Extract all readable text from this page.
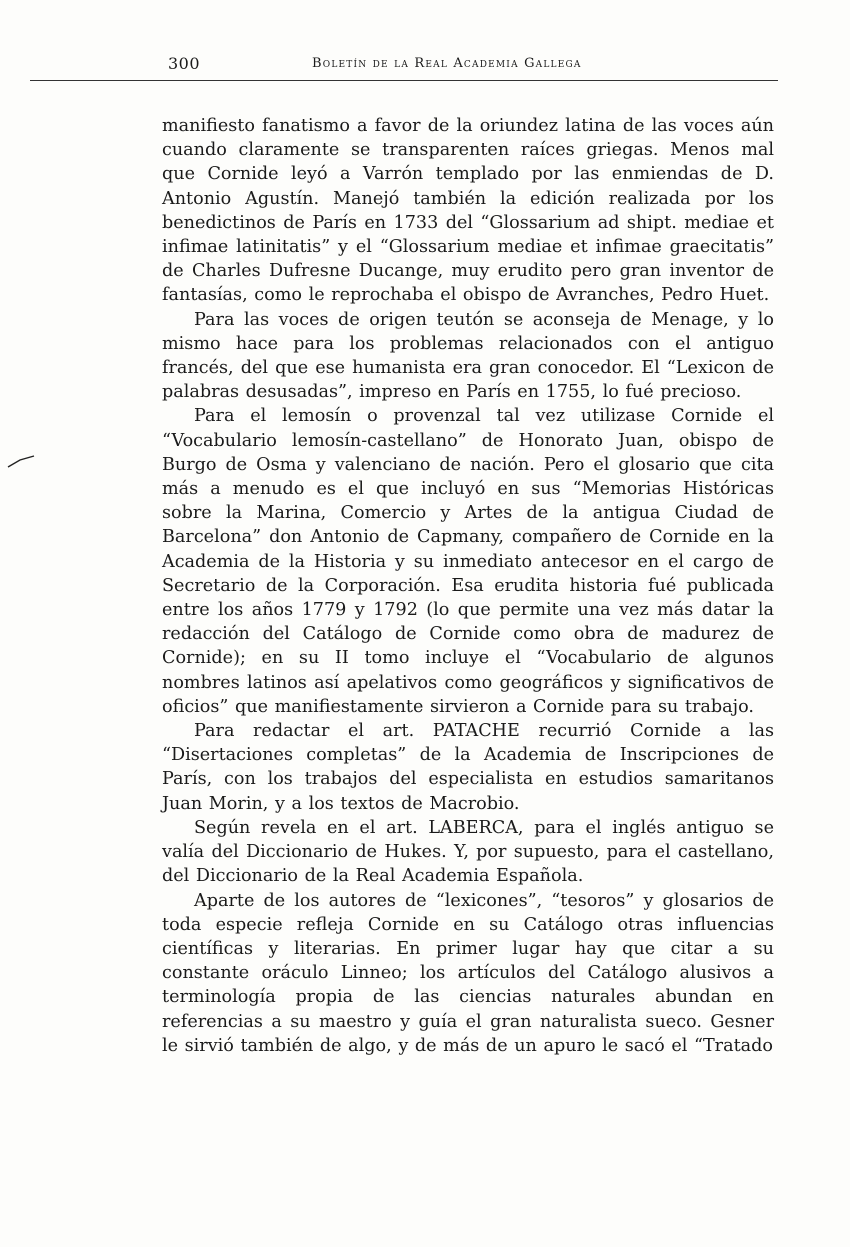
300	Boletín de la Real Academia Gallega

manifiesto fanatismo a favor de la oriundez latina de las voces aún cuando claramente se transparenten raíces griegas. Menos mal que Cornide leyó a Varrón templado por las enmiendas de D. Antonio Agustín. Manejó también la edición realizada por los benedictinos de París en 1733 del “Glossarium ad shipt. mediae et infimae latinitatis” y el “Glossarium mediae et infimae graecitatis” de Charles Dufresne Ducange, muy erudito pero gran inventor de fantasías, como le reprochaba el obispo de Avranches, Pedro Huet.

Para las voces de origen teutón se aconseja de Menage, y lo mismo hace para los problemas relacionados con el antiguo francés, del que ese humanista era gran conocedor. El “Lexicon de palabras desusadas”, impreso en París en 1755, lo fué precioso.

Para el lemosín o provenzal tal vez utilizase Cornide el “Vocabulario lemosín-castellano” de Honorato Juan, obispo de Burgo de Osma y valenciano de nación. Pero el glosario que cita más a menudo es el que incluyó en sus “Memorias Históricas sobre la Marina, Comercio y Artes de la antigua Ciudad de Barcelona” don Antonio de Capmany, compañero de Cornide en la Academia de la Historia y su inmediato antecesor en el cargo de Secretario de la Corporación. Esa erudita historia fué publicada entre los años 1779 y 1792 (lo que permite una vez más datar la redacción del Catálogo de Cornide como obra de madurez de Cornide); en su II tomo incluye el “Vocabulario de algunos nombres latinos así apelativos como geográficos y significativos de oficios” que manifiestamente sirvieron a Cornide para su trabajo.

Para redactar el art. PATACHE recurrió Cornide a las “Disertaciones completas” de la Academia de Inscripciones de París, con los trabajos del especialista en estudios samaritanos Juan Morin, y a los textos de Macrobio.

Según revela en el art. LABERCA, para el inglés antiguo se valía del Diccionario de Hukes. Y, por supuesto, para el castellano, del Diccionario de la Real Academia Española.

Aparte de los autores de “lexicones”, “tesoros” y glosarios de toda especie refleja Cornide en su Catálogo otras influencias científicas y literarias. En primer lugar hay que citar a su constante oráculo Linneo; los artículos del Catálogo alusivos a terminología propia de las ciencias naturales abundan en referencias a su maestro y guía el gran naturalista sueco. Gesner le sirvió también de algo, y de más de un apuro le sacó el “Tratado
